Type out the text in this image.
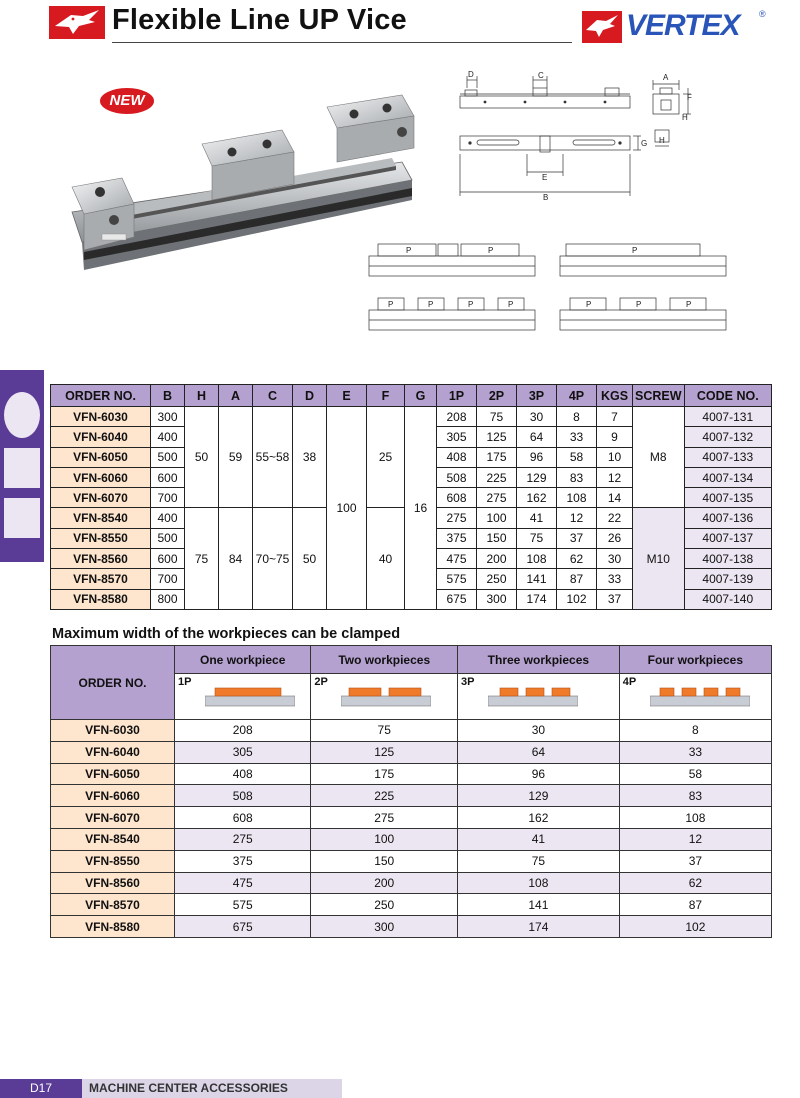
Flexible Line UP Vice	VERTEX ®
NEW
D	C	A
F
H
E
B
G H
P	P	P
P	P	P	P	P	P	P
ORDER NO.	B	H	A	C	D	E	F	G	1P	2P	3P	4P	KGS	SCREW	CODE NO.
VFN-6030	300	50	59	55~58	38	100	25	16	208	75	30	8	7	M8	4007-131
VFN-6040	400								305	125	64	33	9		4007-132
VFN-6050	500								408	175	96	58	10		4007-133
VFN-6060	600								508	225	129	83	12		4007-134
VFN-6070	700								608	275	162	108	14		4007-135
VFN-8540	400	75	84	70~75	50		40		275	100	41	12	22	M10	4007-136
VFN-8550	500								375	150	75	37	26		4007-137
VFN-8560	600								475	200	108	62	30		4007-138
VFN-8570	700								575	250	141	87	33		4007-139
VFN-8580	800								675	300	174	102	37		4007-140
Maximum width of the workpieces can be clamped
ORDER NO.	One workpiece	Two workpieces	Three workpieces	Four workpieces

	1P	2P	3P	4P

VFN-6030	208	75	30	8
VFN-6040	305	125	64	33
VFN-6050	408	175	96	58
VFN-6060	508	225	129	83
VFN-6070	608	275	162	108
VFN-8540	275	100	41	12
VFN-8550	375	150	75	37
VFN-8560	475	200	108	62
VFN-8570	575	250	141	87
VFN-8580	675	300	174	102
D17	MACHINE CENTER ACCESSORIES
